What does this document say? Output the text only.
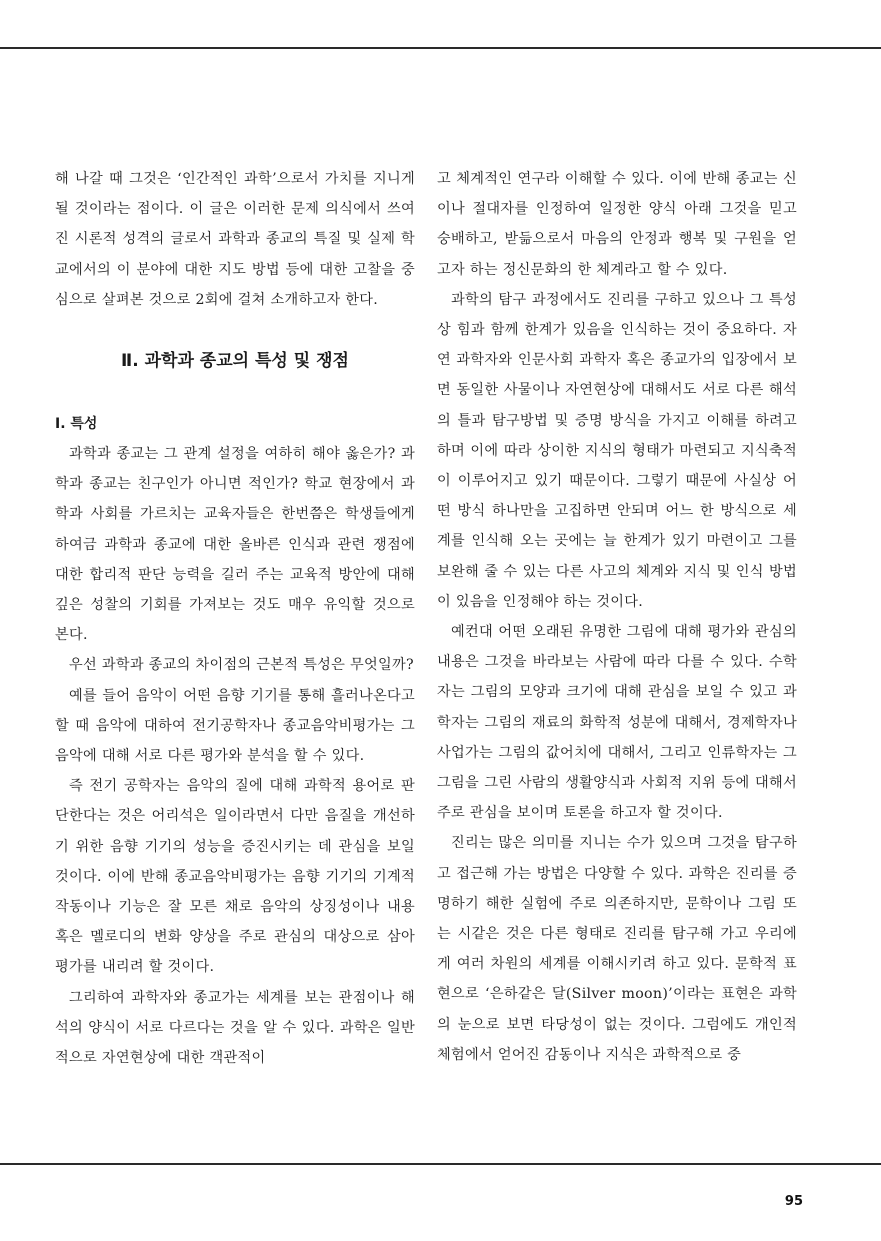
해 나갈 때 그것은 ‘인간적인 과학’으로서 가치를 지니게 될 것이라는 점이다. 이 글은 이러한 문제 의식에서 쓰여진 시론적 성격의 글로서 과학과 종교의 특질 및 실제 학교에서의 이 분야에 대한 지도 방법 등에 대한 고찰을 중심으로 살펴본 것으로 2회에 걸쳐 소개하고자 한다.

Ⅱ. 과학과 종교의 특성 및 쟁점
Ⅰ. 특성

과학과 종교는 그 관계 설정을 여하히 해야 옳은가? 과학과 종교는 친구인가 아니면 적인가? 학교 현장에서 과학과 사회를 가르치는 교육자들은 한번쯤은 학생들에게 하여금 과학과 종교에 대한 올바른 인식과 관련 쟁점에 대한 합리적 판단 능력을 길러 주는 교육적 방안에 대해 깊은 성찰의 기회를 가져보는 것도 매우 유익할 것으로 본다.

우선 과학과 종교의 차이점의 근본적 특성은 무엇일까?

예를 들어 음악이 어떤 음향 기기를 통해 흘러나온다고 할 때 음악에 대하여 전기공학자나 종교음악비평가는 그 음악에 대해 서로 다른 평가와 분석을 할 수 있다.

즉 전기 공학자는 음악의 질에 대해 과학적 용어로 판단한다는 것은 어리석은 일이라면서 다만 음질을 개선하기 위한 음향 기기의 성능을 증진시키는 데 관심을 보일 것이다. 이에 반해 종교음악비평가는 음향 기기의 기계적 작동이나 기능은 잘 모른 채로 음악의 상징성이나 내용 혹은 멜로디의 변화 양상을 주로 관심의 대상으로 삼아 평가를 내리려 할 것이다.

그리하여 과학자와 종교가는 세계를 보는 관점이나 해석의 양식이 서로 다르다는 것을 알 수 있다. 과학은 일반적으로 자연현상에 대한 객관적이

고 체계적인 연구라 이해할 수 있다. 이에 반해 종교는 신이나 절대자를 인정하여 일정한 양식 아래 그것을 믿고 숭배하고, 받듦으로서 마음의 안정과 행복 및 구원을 얻고자 하는 정신문화의 한 체계라고 할 수 있다.

과학의 탐구 과정에서도 진리를 구하고 있으나 그 특성상 힘과 함께 한계가 있음을 인식하는 것이 중요하다. 자연 과학자와 인문사회 과학자 혹은 종교가의 입장에서 보면 동일한 사물이나 자연현상에 대해서도 서로 다른 해석의 틀과 탐구방법 및 증명 방식을 가지고 이해를 하려고 하며 이에 따라 상이한 지식의 형태가 마련되고 지식축적이 이루어지고 있기 때문이다. 그렇기 때문에 사실상 어떤 방식 하나만을 고집하면 안되며 어느 한 방식으로 세계를 인식해 오는 곳에는 늘 한계가 있기 마련이고 그를 보완해 줄 수 있는 다른 사고의 체계와 지식 및 인식 방법이 있음을 인정해야 하는 것이다.

예컨대 어떤 오래된 유명한 그림에 대해 평가와 관심의 내용은 그것을 바라보는 사람에 따라 다를 수 있다. 수학자는 그림의 모양과 크기에 대해 관심을 보일 수 있고 과학자는 그림의 재료의 화학적 성분에 대해서, 경제학자나 사업가는 그림의 값어치에 대해서, 그리고 인류학자는 그 그림을 그린 사람의 생활양식과 사회적 지위 등에 대해서 주로 관심을 보이며 토론을 하고자 할 것이다.

진리는 많은 의미를 지니는 수가 있으며 그것을 탐구하고 접근해 가는 방법은 다양할 수 있다. 과학은 진리를 증명하기 해한 실험에 주로 의존하지만, 문학이나 그림 또는 시같은 것은 다른 형태로 진리를 탐구해 가고 우리에게 여러 차원의 세계를 이해시키려 하고 있다. 문학적 표현으로 ‘은하같은 달(Silver moon)’이라는 표현은 과학의 눈으로 보면 타당성이 없는 것이다. 그럼에도 개인적 체험에서 얻어진 감동이나 지식은 과학적으로 중

95
